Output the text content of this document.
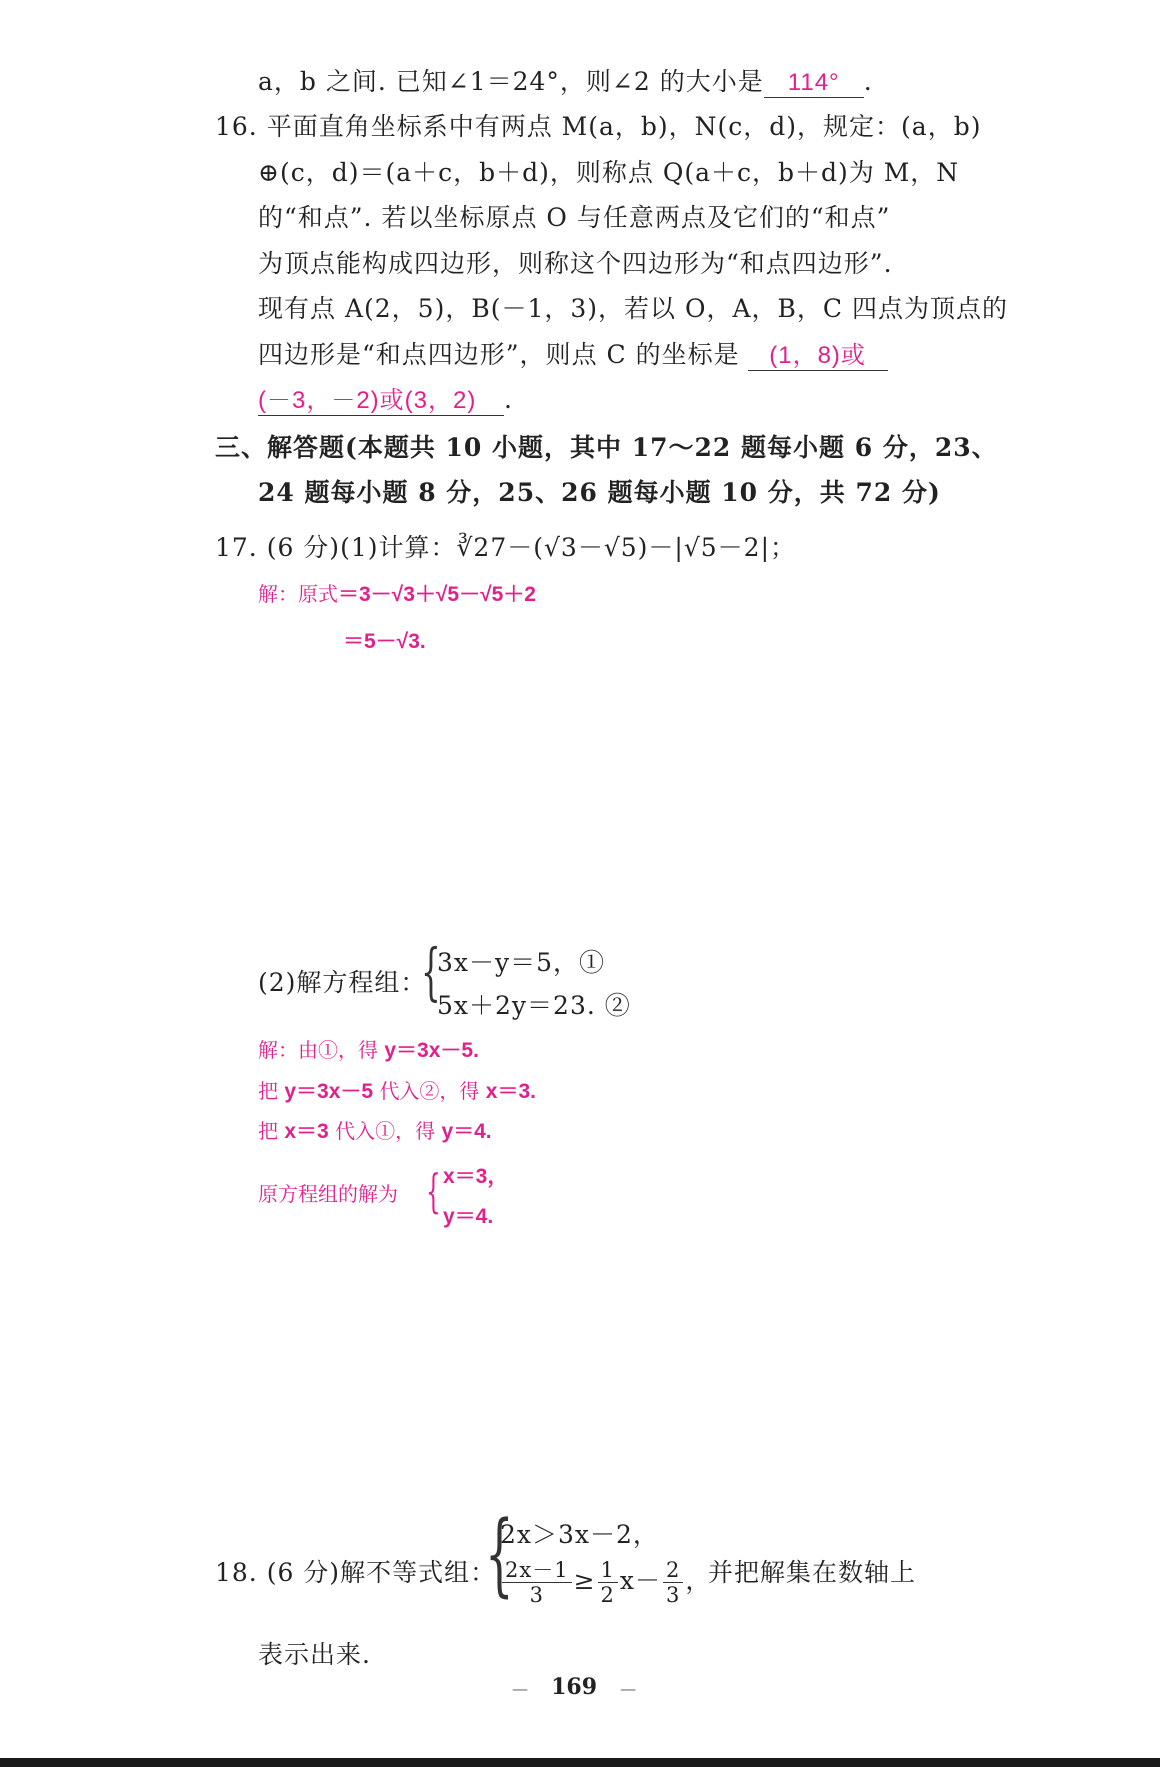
a，b 之间. 已知∠1＝24°，则∠2 的大小是 114° .
16. 平面直角坐标系中有两点 M(a，b)，N(c，d)，规定：(a，b)
⊕(c，d)＝(a＋c，b＋d)，则称点 Q(a＋c，b＋d)为 M，N
的“和点”. 若以坐标原点 O 与任意两点及它们的“和点”
为顶点能构成四边形，则称这个四边形为“和点四边形”.
现有点 A(2，5)，B(－1，3)，若以 O，A，B，C 四点为顶点的
四边形是“和点四边形”，则点 C 的坐标是 (1，8)或
(－3，－2)或(3，2) .
三、解答题(本题共 10 小题，其中 17～22 题每小题 6 分，23、
24 题每小题 8 分，25、26 题每小题 10 分，共 72 分)
17. (6 分)(1)计算：∛27－(√3－√5)－|√5－2|；
解：原式＝3－√3＋√5－√5＋2
＝5－√3.
(2)解方程组：
{
3x－y＝5，①
5x＋2y＝23. ②
解：由①，得 y＝3x－5.
把 y＝3x－5 代入②，得 x＝3.
把 x＝3 代入①，得 y＝4.
原方程组的解为 { x＝3，
y＝4.
18. (6 分)解不等式组：
{
2x＞3x－2，
$\frac{2x-1}{3} \ge \frac{1}{2} x- \frac{2}{3}$ ，
并把解集在数轴上
表示出来.
— 169 —
